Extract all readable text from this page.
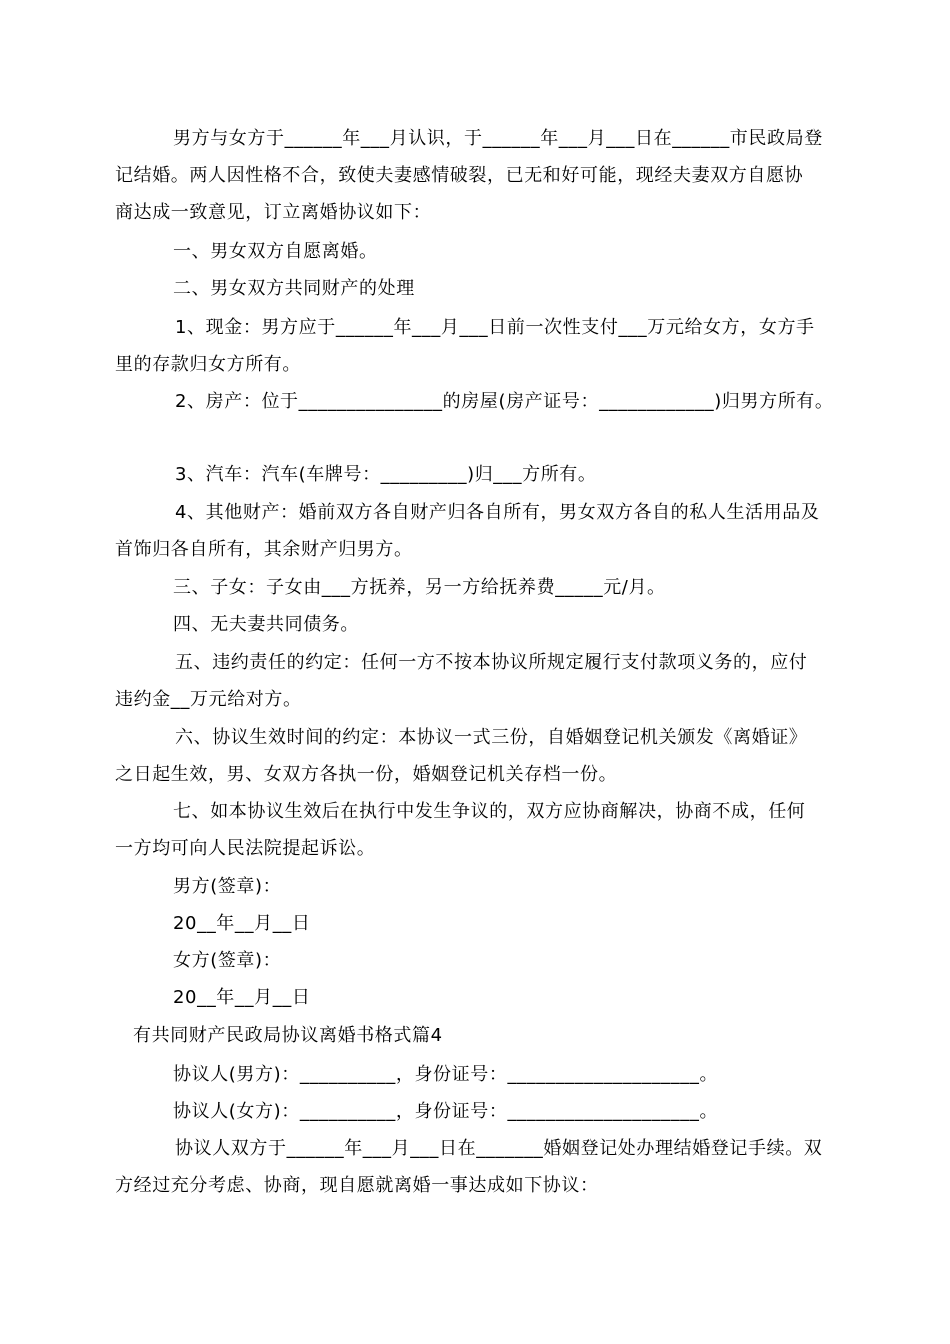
男方与女方于______年___月认识，于______年___月___日在______市民政局登
记结婚。两人因性格不合，致使夫妻感情破裂，已无和好可能，现经夫妻双方自愿协
商达成一致意见，订立离婚协议如下：
一、男女双方自愿离婚。
二、男女双方共同财产的处理
1、现金：男方应于______年___月___日前一次性支付___万元给女方，女方手
里的存款归女方所有。
2、房产：位于_______________的房屋(房产证号：____________)归男方所有。
3、汽车：汽车(车牌号：_________)归___方所有。
4、其他财产：婚前双方各自财产归各自所有，男女双方各自的私人生活用品及
首饰归各自所有，其余财产归男方。
三、子女：子女由___方抚养，另一方给抚养费_____元/月。
四、无夫妻共同债务。
五、违约责任的约定：任何一方不按本协议所规定履行支付款项义务的，应付
违约金__万元给对方。
六、协议生效时间的约定：本协议一式三份，自婚姻登记机关颁发《离婚证》
之日起生效，男、女双方各执一份，婚姻登记机关存档一份。
七、如本协议生效后在执行中发生争议的，双方应协商解决，协商不成，任何
一方均可向人民法院提起诉讼。
男方(签章)：
20__年__月__日
女方(签章)：
20__年__月__日
有共同财产民政局协议离婚书格式篇4
协议人(男方)：__________，身份证号：____________________。
协议人(女方)：__________，身份证号：____________________。
协议人双方于______年___月___日在_______婚姻登记处办理结婚登记手续。双
方经过充分考虑、协商，现自愿就离婚一事达成如下协议：
